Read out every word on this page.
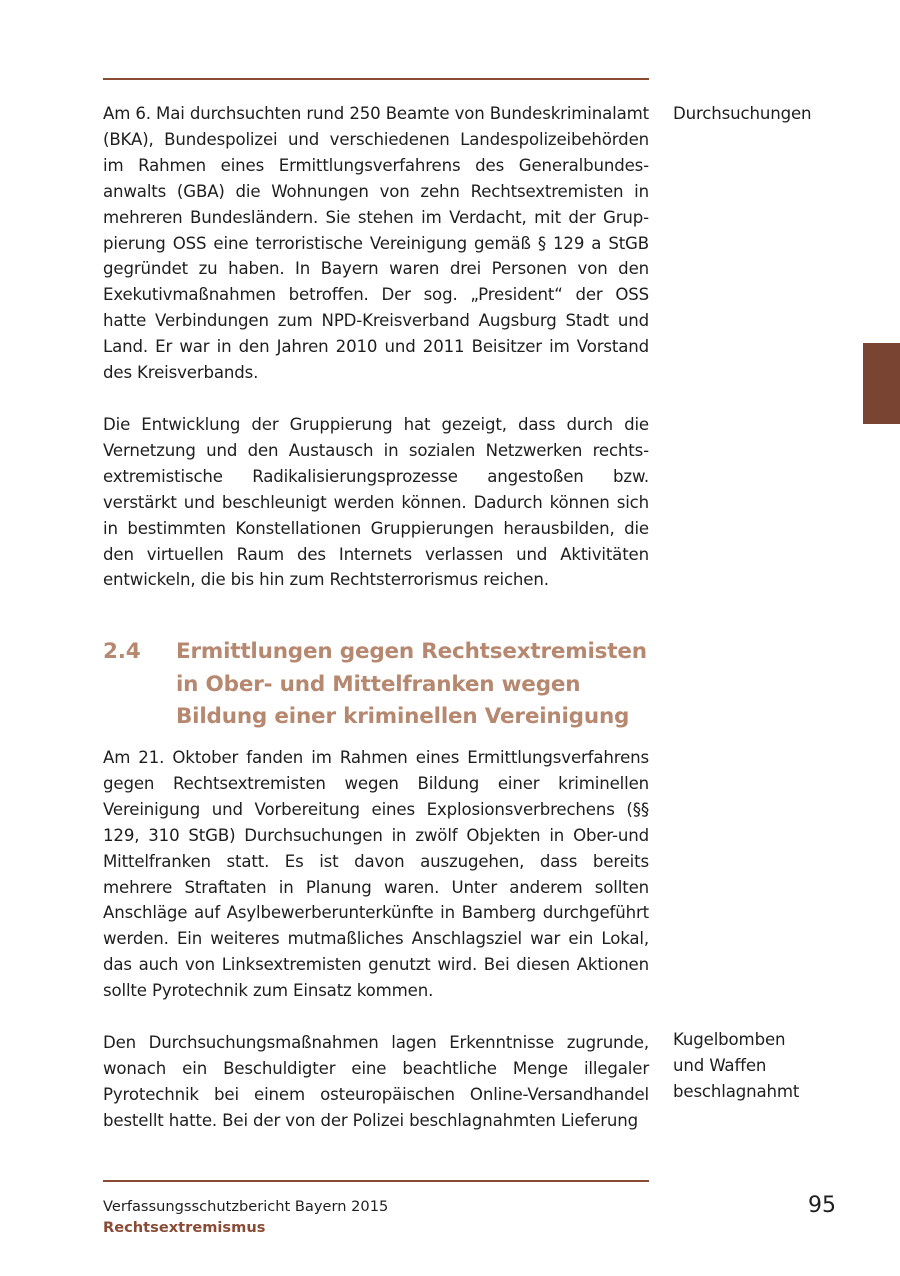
Durchsuchungen

Am 6. Mai durchsuchten rund 250 Beamte von Bundeskriminalamt (BKA), Bundespolizei und verschiedenen Landespolizeibehörden im Rahmen eines Ermittlungsverfahrens des Generalbundes-anwalts (GBA) die Wohnungen von zehn Rechtsextremisten in mehreren Bundesländern. Sie stehen im Verdacht, mit der Grup-pierung OSS eine terroristische Vereinigung gemäß § 129 a StGB gegründet zu haben. In Bayern waren drei Personen von den Exekutivmaßnahmen betroffen. Der sog. „President“ der OSS hatte Verbindungen zum NPD-Kreisverband Augsburg Stadt und Land. Er war in den Jahren 2010 und 2011 Beisitzer im Vorstand des Kreisverbands.

Die Entwicklung der Gruppierung hat gezeigt, dass durch die Vernetzung und den Austausch in sozialen Netzwerken rechts-extremistische Radikalisierungsprozesse angestoßen bzw. verstärkt und beschleunigt werden können. Dadurch können sich in bestimmten Konstellationen Gruppierungen herausbilden, die den virtuellen Raum des Internets verlassen und Aktivitäten entwickeln, die bis hin zum Rechtsterrorismus reichen.

2.4 Ermittlungen gegen Rechtsextremisten
in Ober- und Mittelfranken wegen
Bildung einer kriminellen Vereinigung

Am 21. Oktober fanden im Rahmen eines Ermittlungsverfahrens gegen Rechtsextremisten wegen Bildung einer kriminellen Vereinigung und Vorbereitung eines Explosionsverbrechens (§§ 129, 310 StGB) Durchsuchungen in zwölf Objekten in Ober-und Mittelfranken statt. Es ist davon auszugehen, dass bereits mehrere Straftaten in Planung waren. Unter anderem sollten Anschläge auf Asylbewerberunterkünfte in Bamberg durchgeführt werden. Ein weiteres mutmaßliches Anschlagsziel war ein Lokal, das auch von Linksextremisten genutzt wird. Bei diesen Aktionen sollte Pyrotechnik zum Einsatz kommen.

Den Durchsuchungsmaßnahmen lagen Erkenntnisse zugrunde, wonach ein Beschuldigter eine beachtliche Menge illegaler Pyrotechnik bei einem osteuropäischen Online-Versandhandel bestellt hatte. Bei der von der Polizei beschlagnahmten Lieferung

Kugelbomben
und Waffen
beschlagnahmt
Verfassungsschutzbericht Bayern 2015
Rechtsextremismus
95
